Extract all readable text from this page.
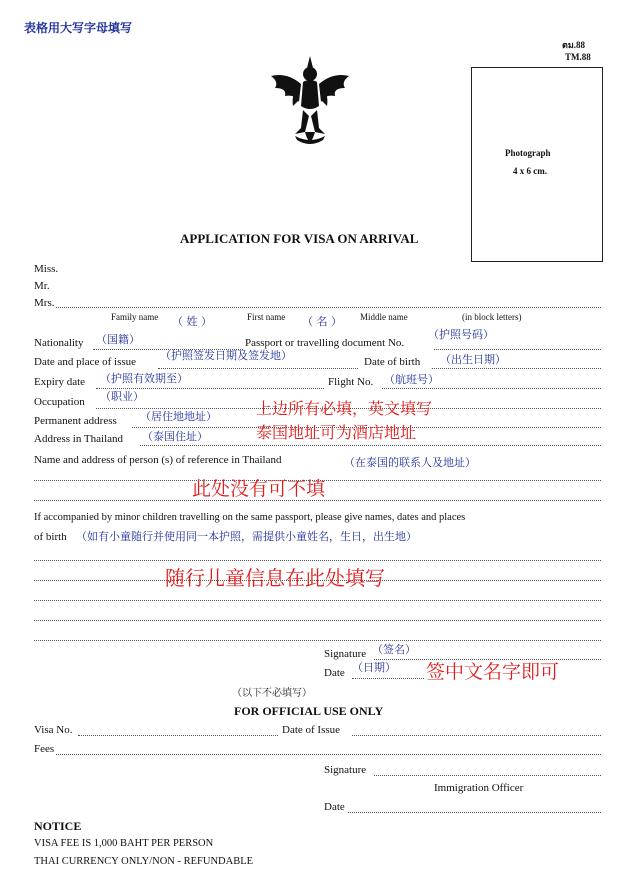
表格用大写字母填写
ตม.88
TM.88
Photograph
4 x 6 cm.
APPLICATION FOR VISA ON ARRIVAL
Miss.
Mr.
Mrs.
Family name （ 姓 ）	First name （ 名 ） Middle name	(in block letters)
Nationality （国籍）	Passport or travelling document No.
（护照号码）
Date and place of issue （护照签发日期及签发地）	Date of birth （出生日期）
Expiry date （护照有效期至）	Flight No. （航班号）
Occupation （职业）
Permanent address （居住地地址）
Address in Thailand （泰国住址）
上边所有必填，英文填写
泰国地址可为酒店地址
Name and address of person (s) of reference in Thailand	（在泰国的联系人及地址）
此处没有可不填
If accompanied by minor children travelling on the same passport, please give names, dates and places
of birth （如有小童随行并使用同一本护照，需提供小童姓名，生日，出生地）
随行儿童信息在此处填写
Signature （签名）
Date （日期） 签中文名字即可
（以下不必填写）
FOR OFFICIAL USE ONLY
Visa No.	Date of Issue
Fees
Signature
Immigration Officer
Date
NOTICE
VISA FEE IS 1,000 BAHT PER PERSON
THAI CURRENCY ONLY/NON - REFUNDABLE
